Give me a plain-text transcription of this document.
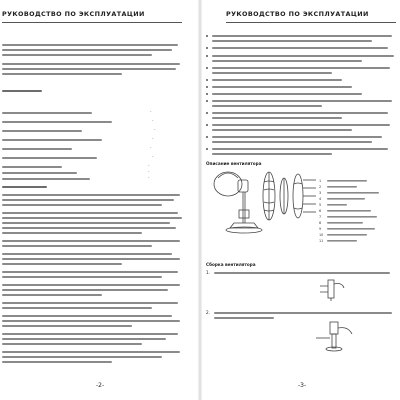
РУКОВОДСТВО ПО ЭКСПЛУАТАЦИИ
-
-
-
-
-
-
-
-
-
-2-
РУКОВОДСТВО ПО ЭКСПЛУАТАЦИИ
Описание вентилятора
1
2
3
4
5
6
7
8
9
10
11
Сборка вентилятора
1.
2.
-3-
